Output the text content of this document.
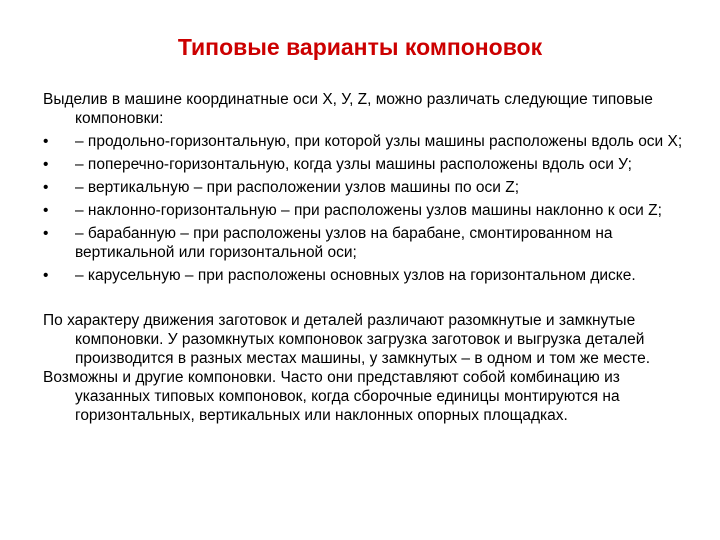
Типовые варианты компоновок

Выделив в машине координатные оси X, У, Z, можно различать следующие типовые компоновки:

•	– продольно-горизонтальную, при которой узлы машины расположены вдоль оси X;
•	– поперечно-горизонтальную, когда узлы машины расположены вдоль оси У;
•	– вертикальную – при расположении узлов машины по оси Z;
•	– наклонно-горизонтальную – при расположены узлов машины наклонно к оси Z;
•	– барабанную – при расположены узлов на барабане, смонтированном на вертикальной или горизонтальной оси;
•	– карусельную – при расположены основных узлов на горизонтальном диске.

По характеру движения заготовок и деталей различают разомкнутые и замкнутые компоновки. У разомкнутых компоновок загрузка заготовок и выгрузка деталей производится в разных местах машины, у замкнутых – в одном и том же месте.

Возможны и другие компоновки. Часто они представляют собой комбинацию из указанных типовых компоновок, когда сборочные единицы монтируются на горизонтальных, вертикальных или наклонных опорных площадках.
